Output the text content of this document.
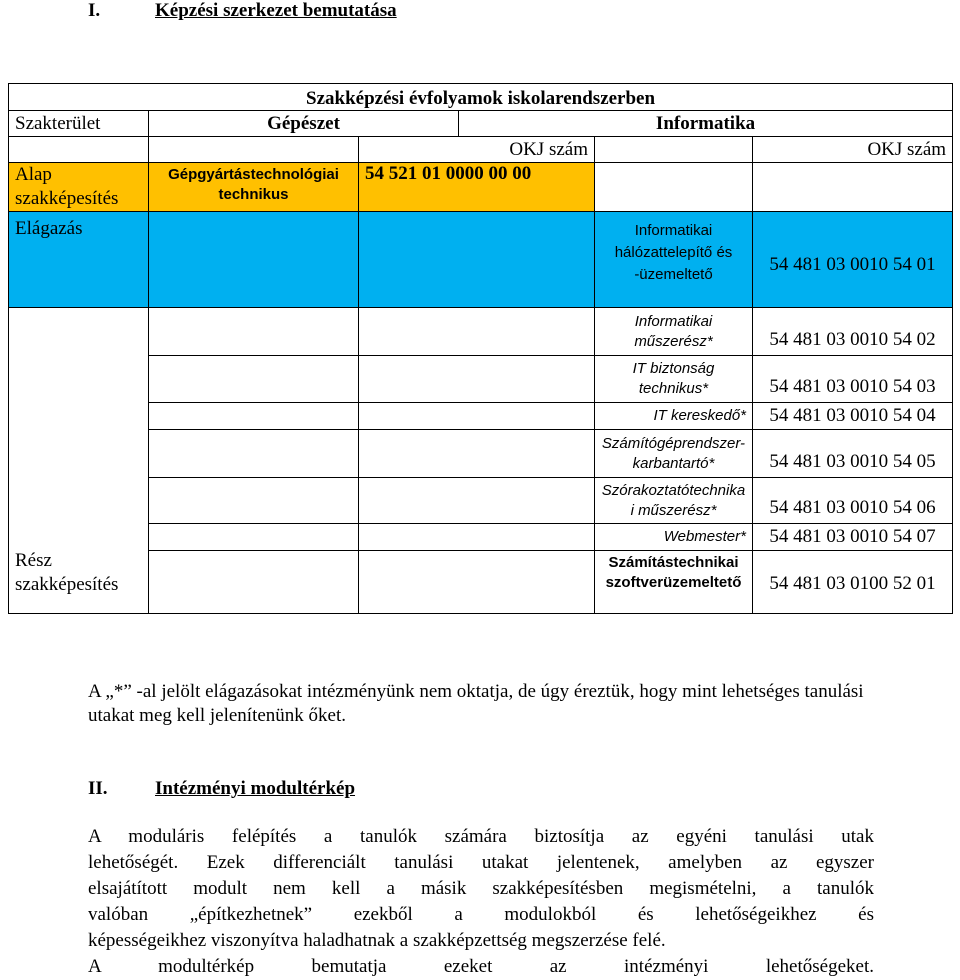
I.	Képzési szerkezet bemutatása
Szakképzési évfolyamok iskolarendszerben					
Szakterület	Gépészet		Informatika		
		OKJ szám			OKJ szám
Alap szakképesítés	Gépgyártástechnológiai technikus	54 521 01 0000 00 00			
Elágazás				Informatikai hálózattelepítő és -üzemeltető	54 481 03 0010 54 01
Rész szakképesítés				Informatikai műszerész*	54 481 03 0010 54 02
				IT biztonság technikus*	54 481 03 0010 54 03
				IT kereskedő*	54 481 03 0010 54 04
				Számítógéprendszer-karbantartó*	54 481 03 0010 54 05
				Szórakoztatótechnikai műszerész*	54 481 03 0010 54 06
				Webmester*	54 481 03 0010 54 07
				Számítástechnikai szoftverüzemeltető	54 481 03 0100 52 01
A „*” -al jelölt elágazásokat intézményünk nem oktatja, de úgy éreztük, hogy mint lehetséges tanulási utakat meg kell jelenítenünk őket.
II. Intézményi modultérkép
A moduláris felépítés a tanulók számára biztosítja az egyéni tanulási utak
lehetőségét. Ezek differenciált tanulási utakat jelentenek, amelyben az egyszer
elsajátított modult nem kell a másik szakképesítésben megismételni, a tanulók
valóban „építkezhetnek” ezekből a modulokból és lehetőségeikhez és
képességeikhez viszonyítva haladhatnak a szakképzettség megszerzése felé.
A modultérkép bemutatja ezeket az intézményi lehetőségeket.
